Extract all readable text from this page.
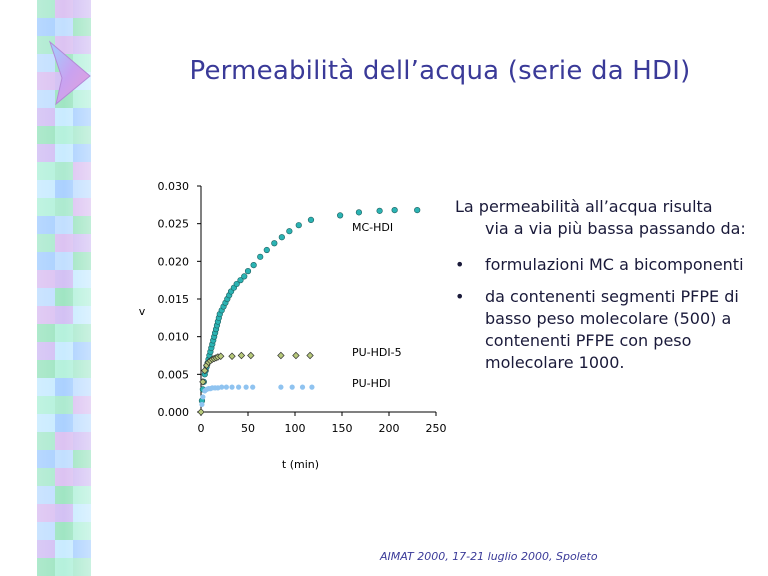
Permeabilità dell’acqua (serie da HDI)
0.000
0.005
0.010
0.015
0.020
0.025
0.030
0	50	100 150 200 250
t (min)
v
MC-HDI
PU-HDI-5
PU-HDI
La permeabilità all’acqua risulta
via a via più bassa passando da:
• formulazioni MC a bicomponenti
• da contenenti segmenti PFPE di basso peso molecolare (500) a contenenti PFPE con peso molecolare 1000.
AIMAT 2000, 17-21 luglio 2000, Spoleto
